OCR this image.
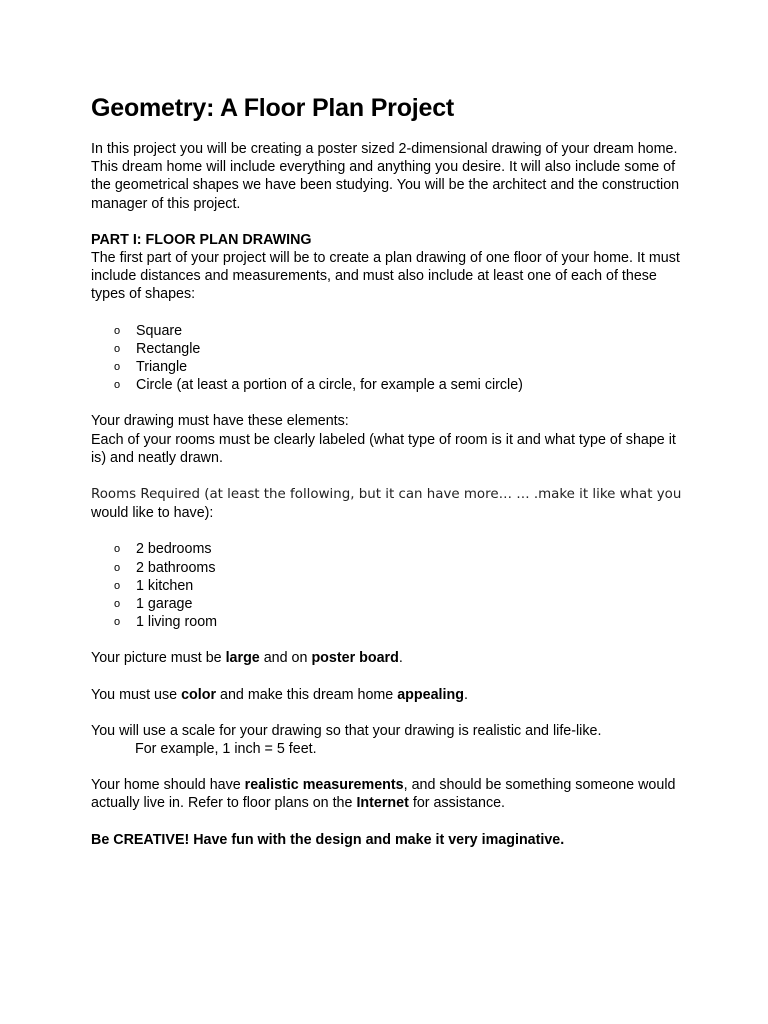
Geometry: A Floor Plan Project

In this project you will be creating a poster sized 2-dimensional drawing of your dream home. This dream home will include everything and anything you desire. It will also include some of the geometrical shapes we have been studying. You will be the architect and the construction manager of this project.

PART I: FLOOR PLAN DRAWING

The first part of your project will be to create a plan drawing of one floor of your home. It must include distances and measurements, and must also include at least one of each of these types of shapes:

o Square
o Rectangle
o Triangle
o Circle (at least a portion of a circle, for example a semi circle)

Your drawing must have these elements:

Each of your rooms must be clearly labeled (what type of room is it and what type of shape it is) and neatly drawn.

Rooms Required (at least the following, but it can have more… … .make it like what you
would like to have):

o 2 bedrooms
o 2 bathrooms
o 1 kitchen
o 1 garage
o 1 living room

Your picture must be large and on poster board.

You must use color and make this dream home appealing.

You will use a scale for your drawing so that your drawing is realistic and life-like.

For example, 1 inch = 5 feet.

Your home should have realistic measurements, and should be something someone would actually live in. Refer to floor plans on the Internet for assistance.

Be CREATIVE! Have fun with the design and make it very imaginative.
